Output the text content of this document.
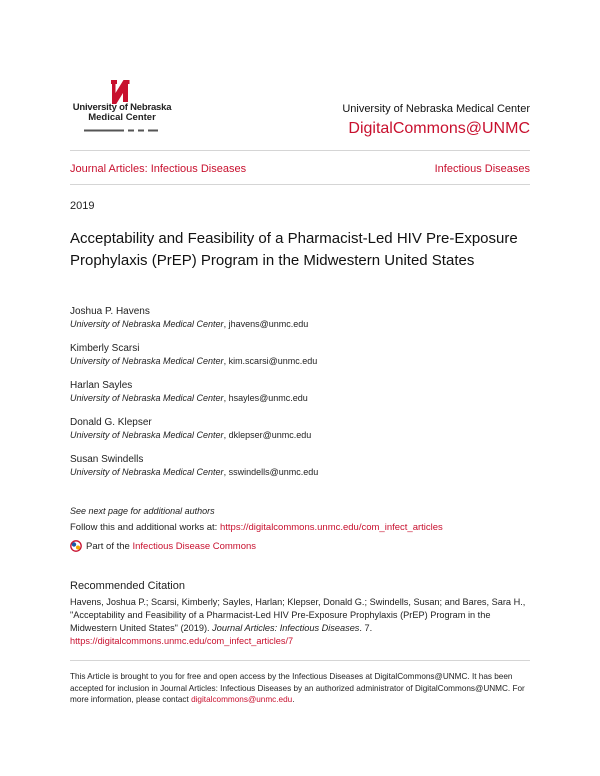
University of Nebraska
Medical Center
University of Nebraska Medical Center
DigitalCommons@UNMC
Journal Articles: Infectious Diseases	Infectious Diseases
2019
Acceptability and Feasibility of a Pharmacist-Led HIV Pre-Exposure Prophylaxis (PrEP) Program in the Midwestern United States
Joshua P. Havens
University of Nebraska Medical Center, jhavens@unmc.edu
Kimberly Scarsi
University of Nebraska Medical Center, kim.scarsi@unmc.edu
Harlan Sayles
University of Nebraska Medical Center, hsayles@unmc.edu
Donald G. Klepser
University of Nebraska Medical Center, dklepser@unmc.edu
Susan Swindells
University of Nebraska Medical Center, sswindells@unmc.edu
See next page for additional authors
Follow this and additional works at: https://digitalcommons.unmc.edu/com_infect_articles
Part of the Infectious Disease Commons
Recommended Citation
Havens, Joshua P.; Scarsi, Kimberly; Sayles, Harlan; Klepser, Donald G.; Swindells, Susan; and Bares, Sara H., "Acceptability and Feasibility of a Pharmacist-Led HIV Pre-Exposure Prophylaxis (PrEP) Program in the Midwestern United States" (2019). Journal Articles: Infectious Diseases. 7.
https://digitalcommons.unmc.edu/com_infect_articles/7
This Article is brought to you for free and open access by the Infectious Diseases at DigitalCommons@UNMC. It has been accepted for inclusion in Journal Articles: Infectious Diseases by an authorized administrator of DigitalCommons@UNMC. For more information, please contact digitalcommons@unmc.edu.
